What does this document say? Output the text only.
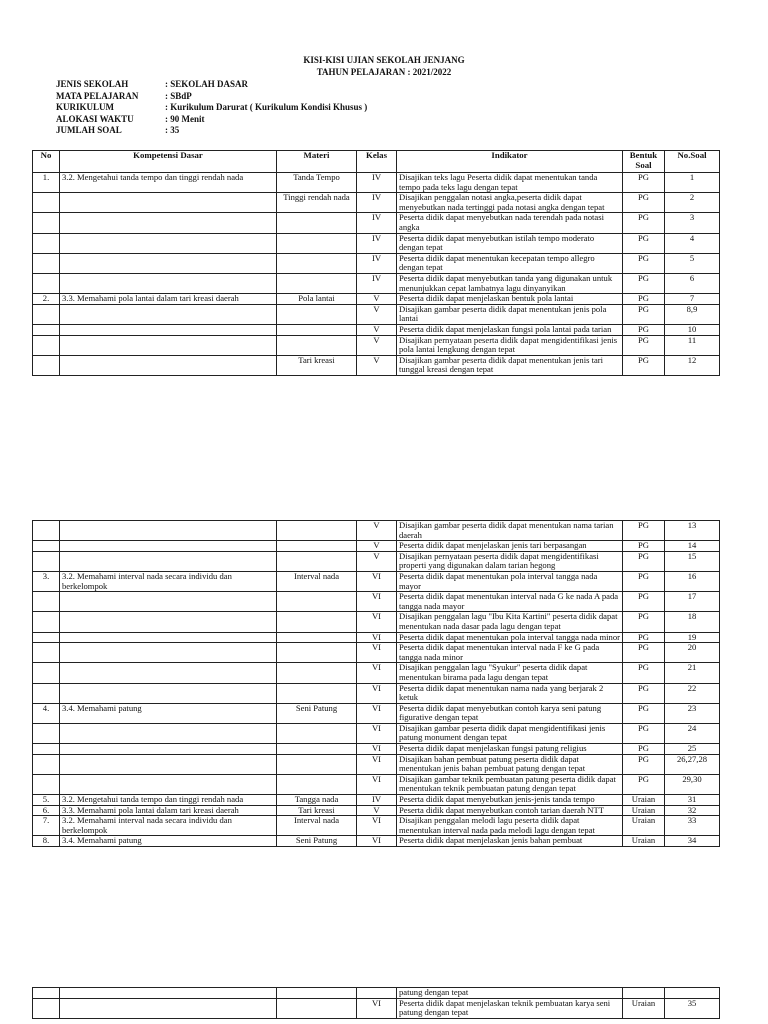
KISI-KISI UJIAN SEKOLAH JENJANG
TAHUN PELAJARAN : 2021/2022
JENIS SEKOLAH	: SEKOLAH DASAR
MATA PELAJARAN	: SBdP
KURIKULUM	: Kurikulum Darurat ( Kurikulum Kondisi Khusus )
ALOKASI WAKTU	: 90 Menit
JUMLAH SOAL	: 35
No	Kompetensi Dasar	Materi	Kelas	Indikator	Bentuk Soal	No.Soal
1.	3.2. Mengetahui tanda tempo dan tinggi rendah nada	Tanda Tempo	IV	Disajikan teks lagu Peserta didik dapat menentukan tanda tempo pada teks lagu dengan tepat	PG	1
		Tinggi rendah nada	IV	Disajikan penggalan notasi angka,peserta didik dapat menyebutkan nada tertinggi pada notasi angka dengan tepat	PG	2
			IV	Peserta didik dapat menyebutkan nada terendah pada notasi angka	PG	3
			IV	Peserta didik dapat menyebutkan istilah tempo moderato dengan tepat	PG	4
			IV	Peserta didik dapat menentukan kecepatan tempo allegro dengan tepat	PG	5
			IV	Peserta didik dapat menyebutkan tanda yang digunakan untuk menunjukkan cepat lambatnya lagu dinyanyikan	PG	6
2.	3.3. Memahami pola lantai dalam tari kreasi daerah	Pola lantai	V	Peserta didik dapat menjelaskan bentuk pola lantai	PG	7
			V	Disajikan gambar peserta didik dapat menentukan jenis pola lantai	PG	8,9
			V	Peserta didik dapat menjelaskan fungsi pola lantai pada tarian	PG	10
			V	Disajikan pernyataan peserta didik dapat mengidentifikasi jenis pola lantai lengkung dengan tepat	PG	11
		Tari kreasi	V	Disajikan gambar peserta didik dapat menentukan jenis tari tunggal kreasi dengan tepat	PG	12
			V	Disajikan gambar peserta didik dapat menentukan nama tarian daerah	PG	13
			V	Peserta didik dapat menjelaskan jenis tari berpasangan	PG	14
			V	Disajikan pernyataan peserta didik dapat mengidentifikasi properti yang digunakan dalam tarian hegong	PG	15
3.	3.2. Memahami interval nada secara individu dan berkelompok	Interval nada	VI	Peserta didik dapat menentukan pola interval tangga nada mayor	PG	16
			VI	Peserta didik dapat menentukan interval nada G ke nada A pada tangga nada mayor	PG	17
			VI	Disajikan penggalan lagu "Ibu Kita Kartini" peserta didik dapat menentukan nada dasar pada lagu dengan tepat	PG	18
			VI	Peserta didik dapat menentukan pola interval tangga nada minor	PG	19
			VI	Peserta didik dapat menentukan interval nada F ke G pada tangga nada minor	PG	20
			VI	Disajikan penggalan lagu "Syukur" peserta didik dapat menentukan birama pada lagu dengan tepat	PG	21
			VI	Peserta didik dapat menentukan nama nada yang berjarak 2 ketuk	PG	22
4.	3.4. Memahami patung	Seni Patung	VI	Peserta didik dapat menyebutkan contoh karya seni patung figurative dengan tepat	PG	23
			VI	Disajikan gambar peserta didik dapat mengidentifikasi jenis patung monument dengan tepat	PG	24
			VI	Peserta didik dapat menjelaskan fungsi patung religius	PG	25
			VI	Disajikan bahan pembuat patung peserta didik dapat menentukan jenis bahan pembuat patung dengan tepat	PG	26,27,28
			VI	Disajikan gambar teknik pembuatan patung peserta didik dapat menentukan teknik pembuatan patung dengan tepat	PG	29,30
5.	3.2. Mengetahui tanda tempo dan tinggi rendah nada	Tangga nada	IV	Peserta didik dapat menyebutkan jenis-jenis tanda tempo	Uraian	31
6.	3.3. Memahami pola lantai dalam tari kreasi daerah	Tari kreasi	V	Peserta didik dapat menyebutkan contoh tarian daerah NTT	Uraian	32
7.	3.2. Memahami interval nada secara individu dan berkelompok	Interval nada	VI	Disajikan penggalan melodi lagu peserta didik dapat menentukan interval nada pada melodi lagu dengan tepat	Uraian	33
8.	3.4. Memahami patung	Seni Patung	VI	Peserta didik dapat menjelaskan jenis bahan pembuat	Uraian	34
				patung dengan tepat		
			VI	Peserta didik dapat menjelaskan teknik pembuatan karya seni patung dengan tepat	Uraian	35
